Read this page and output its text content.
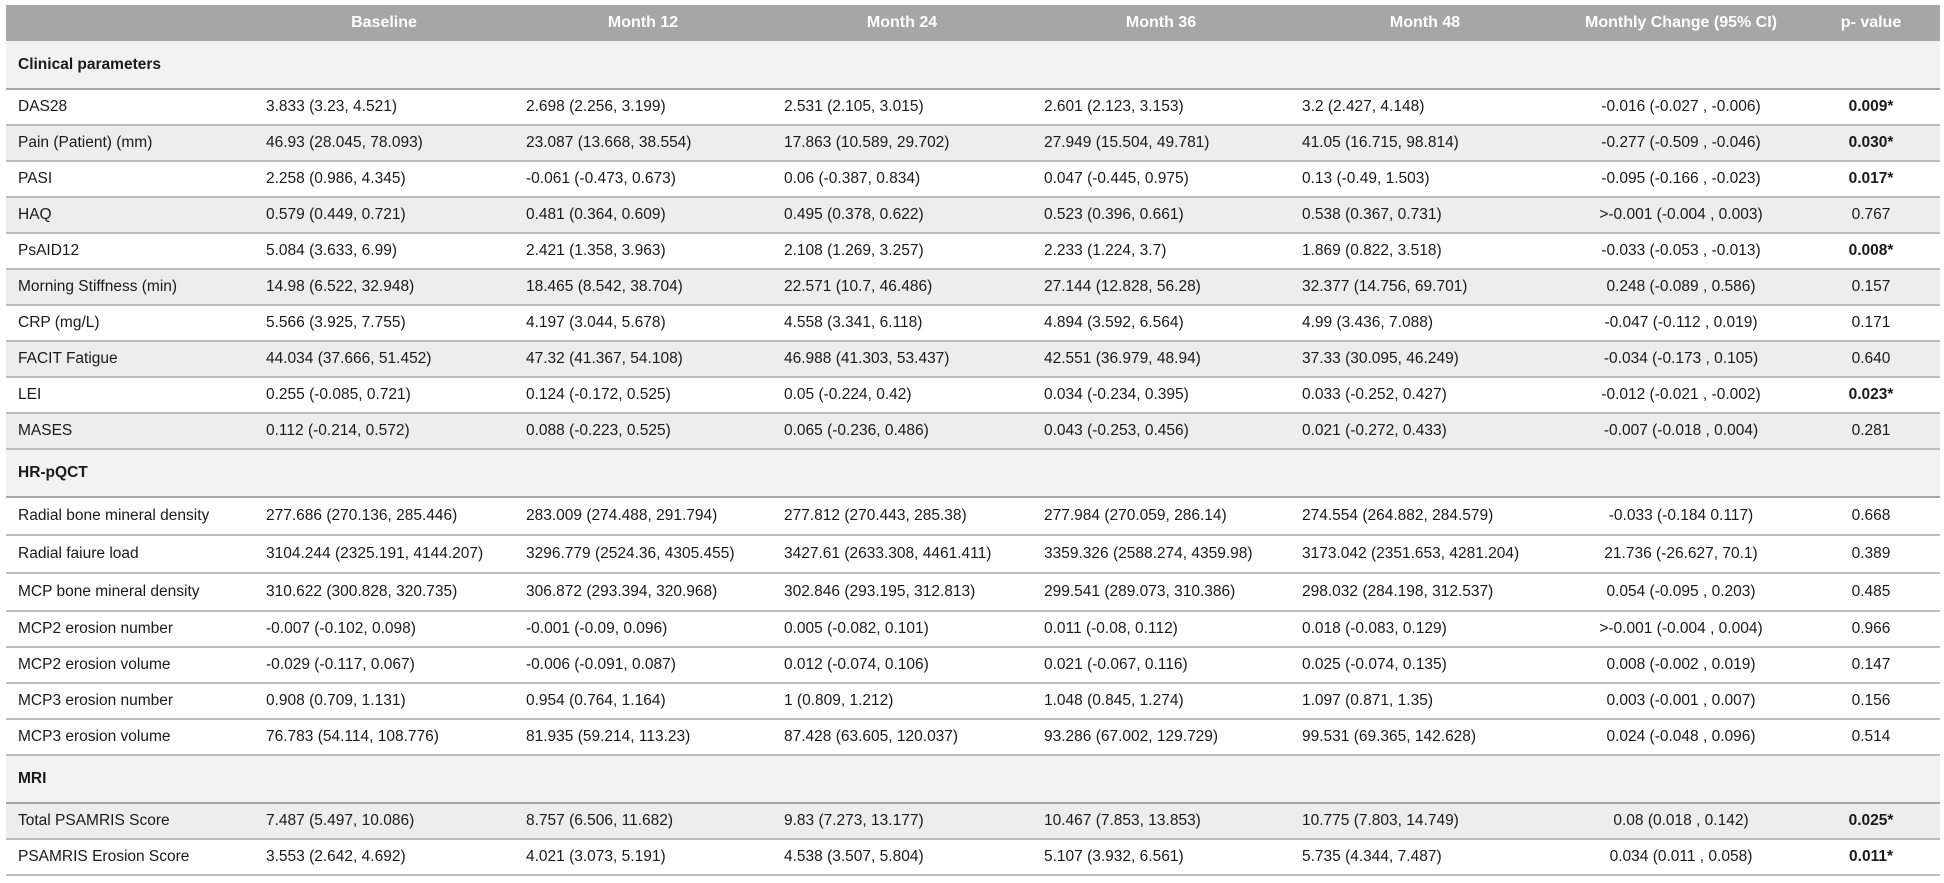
	Baseline	Month 12	Month 24	Month 36	Month 48	Monthly Change (95% CI)	p- value
Clinical parameters							
DAS28	3.833 (3.23, 4.521)	2.698 (2.256, 3.199)	2.531 (2.105, 3.015)	2.601 (2.123, 3.153)	3.2 (2.427, 4.148)	-0.016 (-0.027 , -0.006)	0.009*
Pain (Patient) (mm)	46.93 (28.045, 78.093)	23.087 (13.668, 38.554)	17.863 (10.589, 29.702)	27.949 (15.504, 49.781)	41.05 (16.715, 98.814)	-0.277 (-0.509 , -0.046)	0.030*
PASI	2.258 (0.986, 4.345)	-0.061 (-0.473, 0.673)	0.06 (-0.387, 0.834)	0.047 (-0.445, 0.975)	0.13 (-0.49, 1.503)	-0.095 (-0.166 , -0.023)	0.017*
HAQ	0.579 (0.449, 0.721)	0.481 (0.364, 0.609)	0.495 (0.378, 0.622)	0.523 (0.396, 0.661)	0.538 (0.367, 0.731)	>-0.001 (-0.004 , 0.003)	0.767
PsAID12	5.084 (3.633, 6.99)	2.421 (1.358, 3.963)	2.108 (1.269, 3.257)	2.233 (1.224, 3.7)	1.869 (0.822, 3.518)	-0.033 (-0.053 , -0.013)	0.008*
Morning Stiffness (min)	14.98 (6.522, 32.948)	18.465 (8.542, 38.704)	22.571 (10.7, 46.486)	27.144 (12.828, 56.28)	32.377 (14.756, 69.701)	0.248 (-0.089 , 0.586)	0.157
CRP (mg/L)	5.566 (3.925, 7.755)	4.197 (3.044, 5.678)	4.558 (3.341, 6.118)	4.894 (3.592, 6.564)	4.99 (3.436, 7.088)	-0.047 (-0.112 , 0.019)	0.171
FACIT Fatigue	44.034 (37.666, 51.452)	47.32 (41.367, 54.108)	46.988 (41.303, 53.437)	42.551 (36.979, 48.94)	37.33 (30.095, 46.249)	-0.034 (-0.173 , 0.105)	0.640
LEI	0.255 (-0.085, 0.721)	0.124 (-0.172, 0.525)	0.05 (-0.224, 0.42)	0.034 (-0.234, 0.395)	0.033 (-0.252, 0.427)	-0.012 (-0.021 , -0.002)	0.023*
MASES	0.112 (-0.214, 0.572)	0.088 (-0.223, 0.525)	0.065 (-0.236, 0.486)	0.043 (-0.253, 0.456)	0.021 (-0.272, 0.433)	-0.007 (-0.018 , 0.004)	0.281
HR-pQCT							
Radial bone mineral density	277.686 (270.136, 285.446)	283.009 (274.488, 291.794)	277.812 (270.443, 285.38)	277.984 (270.059, 286.14)	274.554 (264.882, 284.579)	-0.033 (-0.184 0.117)	0.668
Radial faiure load	3104.244 (2325.191, 4144.207)	3296.779 (2524.36, 4305.455)	3427.61 (2633.308, 4461.411)	3359.326 (2588.274, 4359.98)	3173.042 (2351.653, 4281.204)	21.736 (-26.627, 70.1)	0.389
MCP bone mineral density	310.622 (300.828, 320.735)	306.872 (293.394, 320.968)	302.846 (293.195, 312.813)	299.541 (289.073, 310.386)	298.032 (284.198, 312.537)	0.054 (-0.095 , 0.203)	0.485
MCP2 erosion number	-0.007 (-0.102, 0.098)	-0.001 (-0.09, 0.096)	0.005 (-0.082, 0.101)	0.011 (-0.08, 0.112)	0.018 (-0.083, 0.129)	>-0.001 (-0.004 , 0.004)	0.966
MCP2 erosion volume	-0.029 (-0.117, 0.067)	-0.006 (-0.091, 0.087)	0.012 (-0.074, 0.106)	0.021 (-0.067, 0.116)	0.025 (-0.074, 0.135)	0.008 (-0.002 , 0.019)	0.147
MCP3 erosion number	0.908 (0.709, 1.131)	0.954 (0.764, 1.164)	1 (0.809, 1.212)	1.048 (0.845, 1.274)	1.097 (0.871, 1.35)	0.003 (-0.001 , 0.007)	0.156
MCP3 erosion volume	76.783 (54.114, 108.776)	81.935 (59.214, 113.23)	87.428 (63.605, 120.037)	93.286 (67.002, 129.729)	99.531 (69.365, 142.628)	0.024 (-0.048 , 0.096)	0.514
MRI							
Total PSAMRIS Score	7.487 (5.497, 10.086)	8.757 (6.506, 11.682)	9.83 (7.273, 13.177)	10.467 (7.853, 13.853)	10.775 (7.803, 14.749)	0.08 (0.018 , 0.142)	0.025*
PSAMRIS Erosion Score	3.553 (2.642, 4.692)	4.021 (3.073, 5.191)	4.538 (3.507, 5.804)	5.107 (3.932, 6.561)	5.735 (4.344, 7.487)	0.034 (0.011 , 0.058)	0.011*
